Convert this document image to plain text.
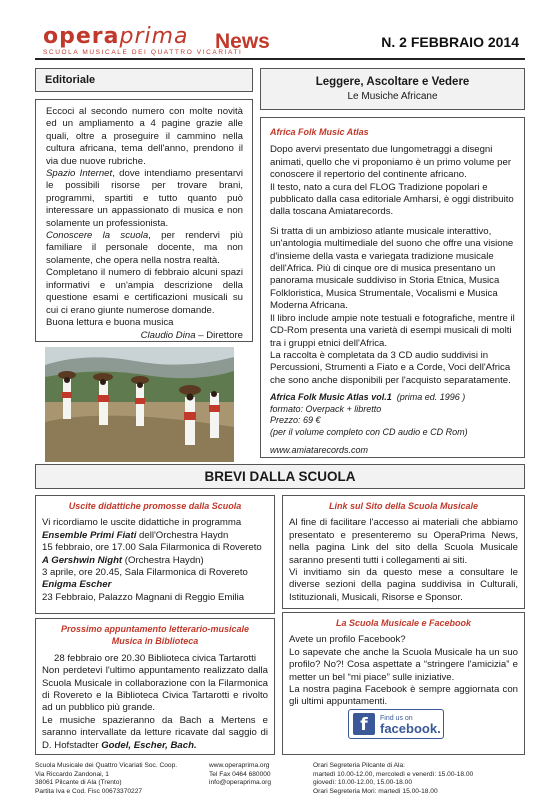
operaprima
SCUOLA MUSICALE DEI QUATTRO VICARIATI
News	N. 2 FEBBRAIO 2014
Editoriale

Eccoci al secondo numero con molte novità ed un ampliamento a 4 pagine grazie alle quali, oltre a proseguire il cammino nella cultura africana, tema dell'anno, prendono il via due nuove rubriche.

Spazio Internet, dove intendiamo presentarvi le possibili risorse per trovare brani, programmi, spartiti e tutto quanto può interessare un appassionato di musica e non solamente un professionista.

Conoscere la scuola, per rendervi più familiare il personale docente, ma non solamente, che opera nella nostra realtà.

Completano il numero di febbraio alcuni spazi informativi e un'ampia descrizione della questione esami e certificazioni musicali su cui ci erano giunte numerose domande.

Buona lettura e buona musica

Claudio Dina – Direttore

Leggere, Ascoltare e Vedere
Le Musiche Africane

Africa Folk Music Atlas

Dopo avervi presentato due lungometraggi a disegni animati, quello che vi proponiamo è un primo volume per conoscere il repertorio del continente africano.

Il testo, nato a cura del FLOG Tradizione popolari e pubblicato dalla casa editoriale Amharsi, è oggi distribuito dalla toscana Amiatarecords.

Si tratta di un ambizioso atlante musicale interattivo, un'antologia multimediale del suono che offre una visione d'insieme della vasta e variegata tradizione musicale dell'Africa. Più di cinque ore di musica presentano un panorama musicale suddiviso in Storia Etnica, Musica Folkloristica, Musica Strumentale, Vocalismi e Musica Moderna Africana.

Il libro include ampie note testuali e fotografiche, mentre il CD-Rom presenta una varietà di esempi musicali di molti tra i gruppi etnici dell'Africa.

La raccolta è completata da 3 CD audio suddivisi in Percussioni, Strumenti a Fiato e a Corde, Voci dell'Africa che sono anche disponibili per l'acquisto separatamente.

Africa Folk Music Atlas vol.1 (prima ed. 1996 )

formato: Overpack + libretto

Prezzo: 69 €

(per il volume completo con CD audio e CD Rom)

www.amiatarecords.com

BREVI DALLA SCUOLA

Uscite didattiche promosse dalla Scuola

Vi ricordiamo le uscite didattiche in programma

Ensemble Primi Fiati dell'Orchestra Haydn

15 febbraio, ore 17.00 Sala Filarmonica di Rovereto

A Gershwin Night (Orchestra Haydn)

3 aprile, ore 20.45, Sala Filarmonica di Rovereto

Enigma Escher

23 Febbraio, Palazzo Magnani di Reggio Emilia

Prossimo appuntamento letterario-musicale

Musica in Biblioteca

28 febbraio ore 20.30 Biblioteca civica Tartarotti

Non perdetevi l'ultimo appuntamento realizzato dalla Scuola Musicale in collaborazione con la Filarmonica di Rovereto e la Biblioteca Civica Tartarotti e rivolto ad un pubblico più grande.

Le musiche spazieranno da Bach a Mertens e saranno intervallate da letture ricavate dal saggio di D. Hofstadter Godel, Escher, Bach.

Link sul Sito della Scuola Musicale

Al fine di facilitare l'accesso ai materiali che abbiamo presentato e presenteremo su OperaPrima News, nella pagina Link del sito della Scuola Musicale saranno presenti tutti i collegamenti ai siti.

Vi invitiamo sin da questo mese a consultare le diverse sezioni della pagina suddivisa in Culturali, Istituzionali, Musicali, Risorse e Sponsor.

La Scuola Musicale e Facebook

Avete un profilo Facebook?

Lo sapevate che anche la Scuola Musicale ha un suo profilo? No?! Cosa aspettate a “stringere l'amicizia” e metter un bel “mi piace” sulle iniziative.

La nostra pagina Facebook è sempre aggiornata con gli ultimi appuntamenti.

f	Find us on
facebook.
Scuola Musicale dei Quattro Vicariati Soc. Coop.
Via Riccardo Zandonai, 1
38061 Pilcante di Ala (Trento)
Partita Iva e Cod. Fisc 00673370227
www.operaprima.org
Tel Fax 0464 680000
info@operaprima.org
Orari Segreteria Pilcante di Ala:
martedì 10.00-12.00, mercoledì e venerdì: 15.00-18.00
giovedì: 10.00-12.00, 15.00-18.00
Orari Segreteria Mori: martedì 15.00-18.00
